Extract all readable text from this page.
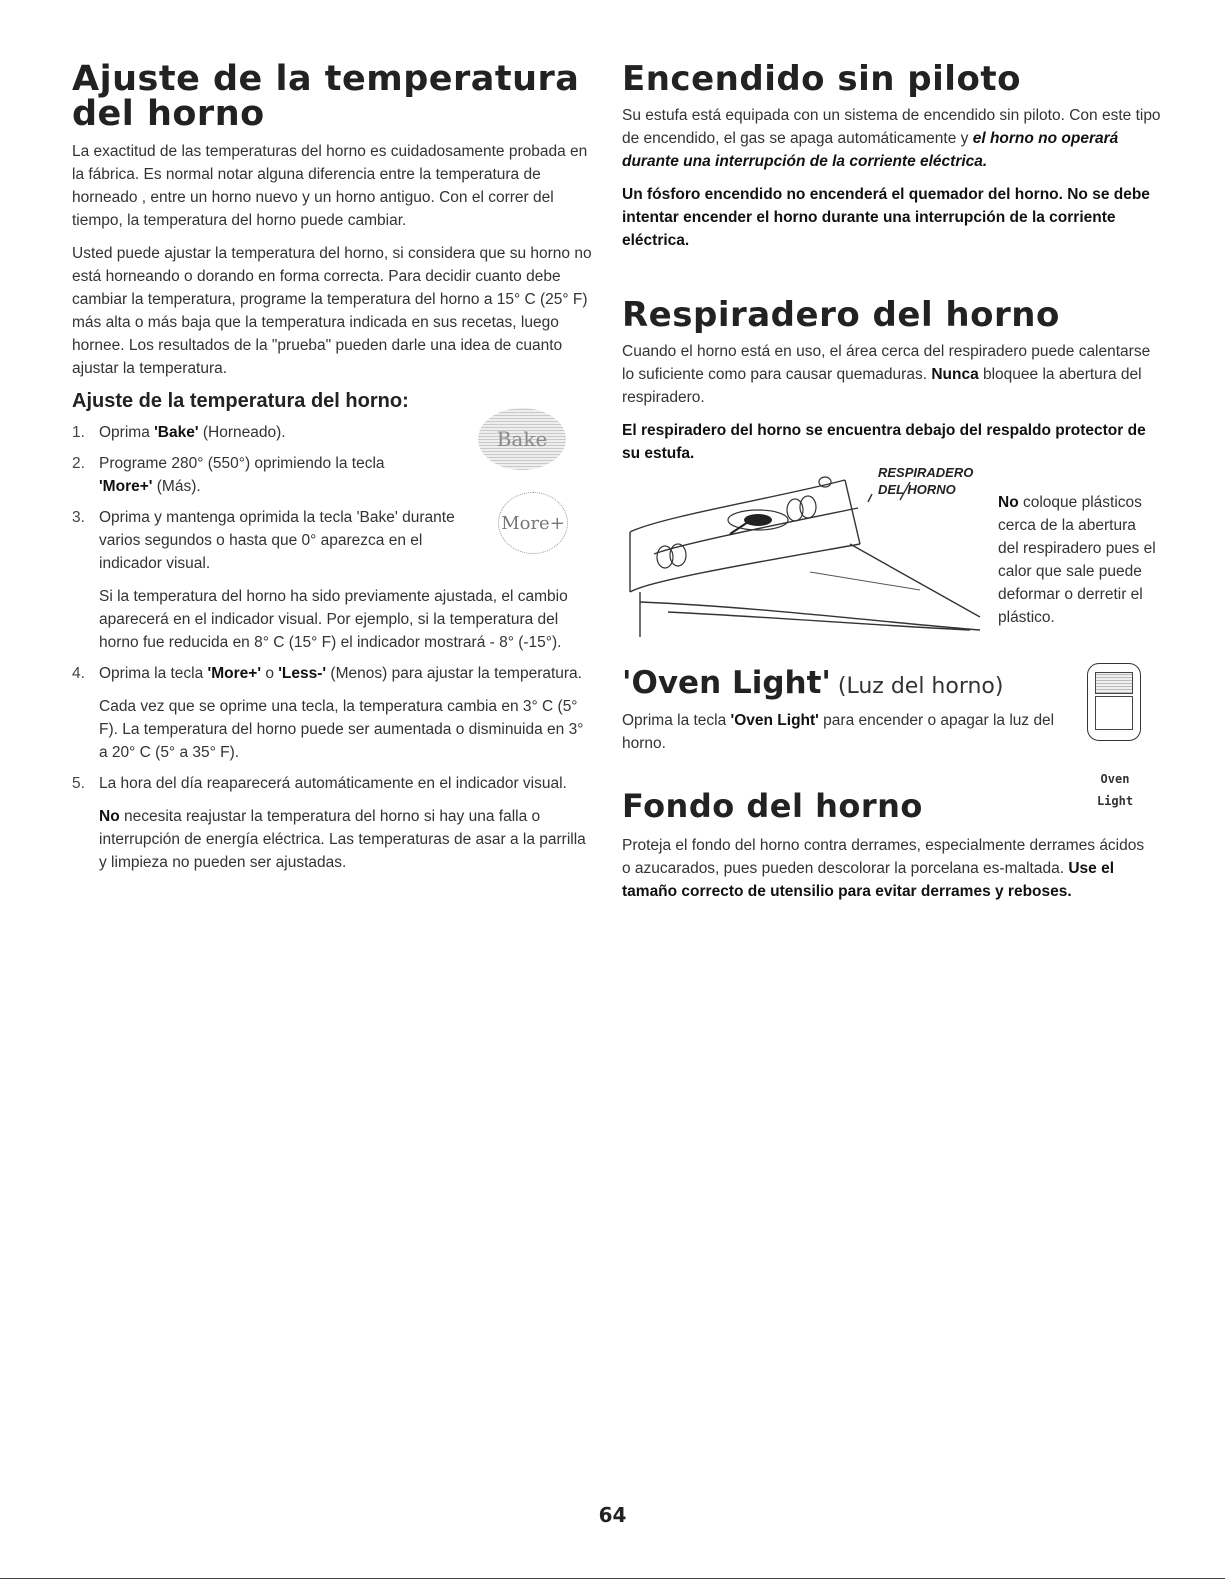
Ajuste de la temperatura
del horno

La exactitud de las temperaturas del horno es cuidadosamente probada en la fábrica. Es normal notar alguna diferencia entre la temperatura de horneado , entre un horno nuevo y un horno antiguo. Con el correr del tiempo, la temperatura del horno puede cambiar.

Usted puede ajustar la temperatura del horno, si considera que su horno no está horneando o dorando en forma correcta. Para decidir cuanto debe cambiar la temperatura, programe la temperatura del horno a 15° C (25° F) más alta o más baja que la temperatura indicada en sus recetas, luego hornee. Los resultados de la "prueba" pueden darle una idea de cuanto ajustar la temperatura.

Ajuste de la temperatura del horno:
1. Oprima 'Bake' (Horneado).
2. Programe 280° (550°) oprimiendo la tecla
'More+' (Más).
3. Oprima y mantenga oprimida la tecla 'Bake' durante varios segundos o hasta que 0° aparezca en el indicador visual.

Si la temperatura del horno ha sido previamente ajustada, el cambio aparecerá en el indicador visual. Por ejemplo, si la temperatura del horno fue reducida en 8° C (15° F) el indicador mostrará - 8° (-15°).

4. Oprima la tecla 'More+' o 'Less-' (Menos) para ajustar la temperatura.

Cada vez que se oprime una tecla, la temperatura cambia en 3° C (5° F). La temperatura del horno puede ser aumentada o disminuida en 3° a 20° C (5° a 35° F).

5. La hora del día reaparecerá automáticamente en el indicador visual.

No necesita reajustar la temperatura del horno si hay una falla o interrupción de energía eléctrica. Las temperaturas de asar a la parrilla y limpieza no pueden ser ajustadas.

Bake
More+
Encendido sin piloto

Su estufa está equipada con un sistema de encendido sin piloto. Con este tipo de encendido, el gas se apaga automáticamente y el horno no operará durante una interrupción de la corriente eléctrica.

Un fósforo encendido no encenderá el quemador del horno. No se debe intentar encender el horno durante una interrupción de la corriente eléctrica.

Respiradero del horno

Cuando el horno está en uso, el área cerca del respiradero puede calentarse lo suficiente como para causar quemaduras. Nunca bloquee la abertura del respiradero.

El respiradero del horno se encuentra debajo del respaldo protector de su estufa.

RESPIRADERO
DEL HORNO

No coloque plásticos cerca de la abertura del respiradero pues el calor que sale puede deformar o derretir el plástico.

'Oven Light' (Luz del horno)

Oprima la tecla 'Oven Light' para encender o apagar la luz del horno.

Oven
Light
Fondo del horno

Proteja el fondo del horno contra derrames, especialmente derrames ácidos o azucarados, pues pueden descolorar la porcelana es-maltada. Use el tamaño correcto de utensilio para evitar derrames y reboses.

64
